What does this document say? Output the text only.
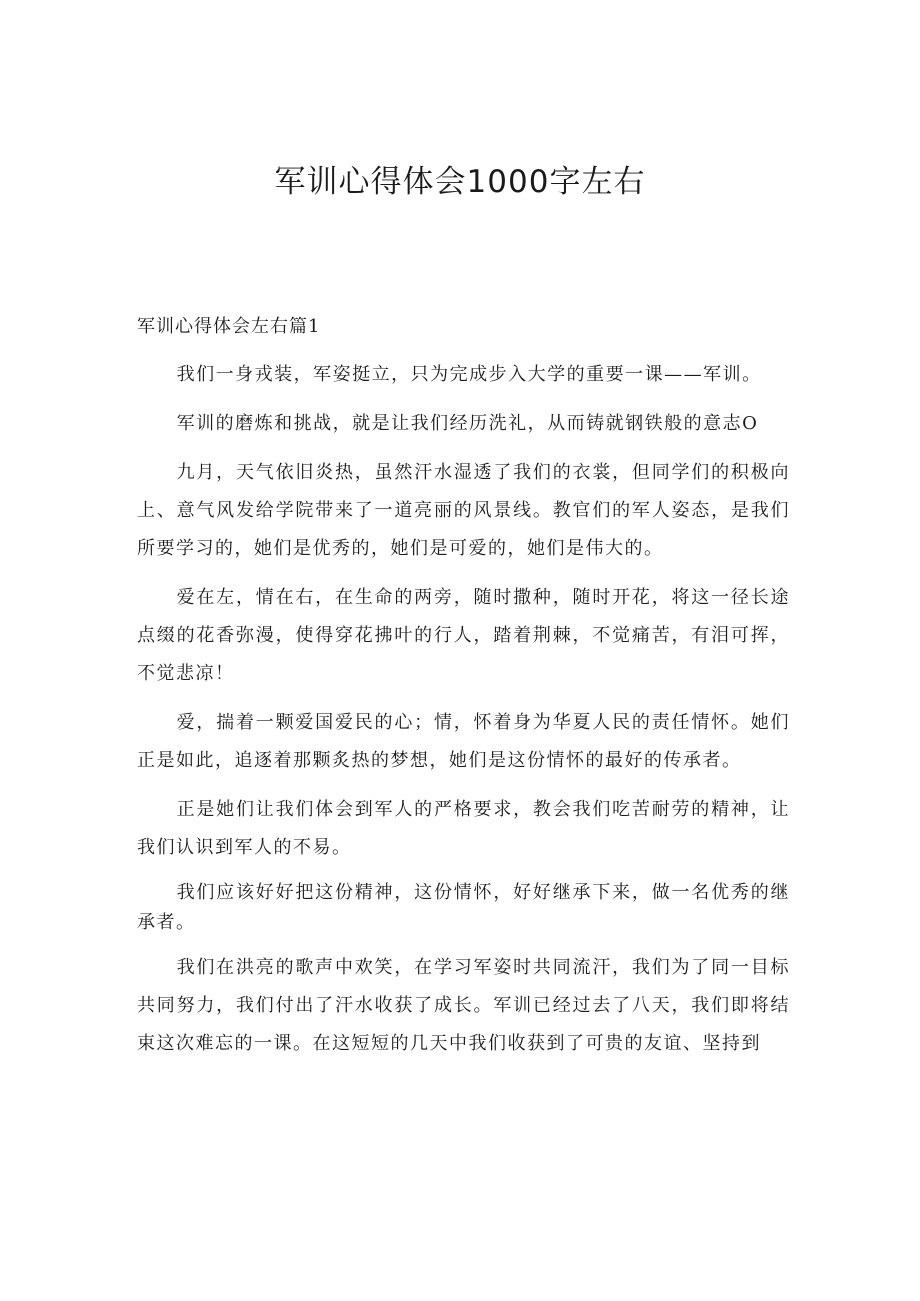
军训心得体会1000字左右
军训心得体会左右篇1

我们一身戎装，军姿挺立，只为完成步入大学的重要一课——军训。

军训的磨炼和挑战，就是让我们经历洗礼，从而铸就钢铁般的意志O

九月，天气依旧炎热，虽然汗水湿透了我们的衣裳，但同学们的积极向上、意气风发给学院带来了一道亮丽的风景线。教官们的军人姿态，是我们所要学习的，她们是优秀的，她们是可爱的，她们是伟大的。

爱在左，情在右，在生命的两旁，随时撒种，随时开花，将这一径长途点缀的花香弥漫，使得穿花拂叶的行人，踏着荆棘，不觉痛苦，有泪可挥，不觉悲凉！

爱，揣着一颗爱国爱民的心；情，怀着身为华夏人民的责任情怀。她们正是如此，追逐着那颗炙热的梦想，她们是这份情怀的最好的传承者。

正是她们让我们体会到军人的严格要求，教会我们吃苦耐劳的精神，让我们认识到军人的不易。

我们应该好好把这份精神，这份情怀，好好继承下来，做一名优秀的继承者。

我们在洪亮的歌声中欢笑，在学习军姿时共同流汗，我们为了同一目标共同努力，我们付出了汗水收获了成长。军训已经过去了八天，我们即将结束这次难忘的一课。在这短短的几天中我们收获到了可贵的友谊、坚持到
